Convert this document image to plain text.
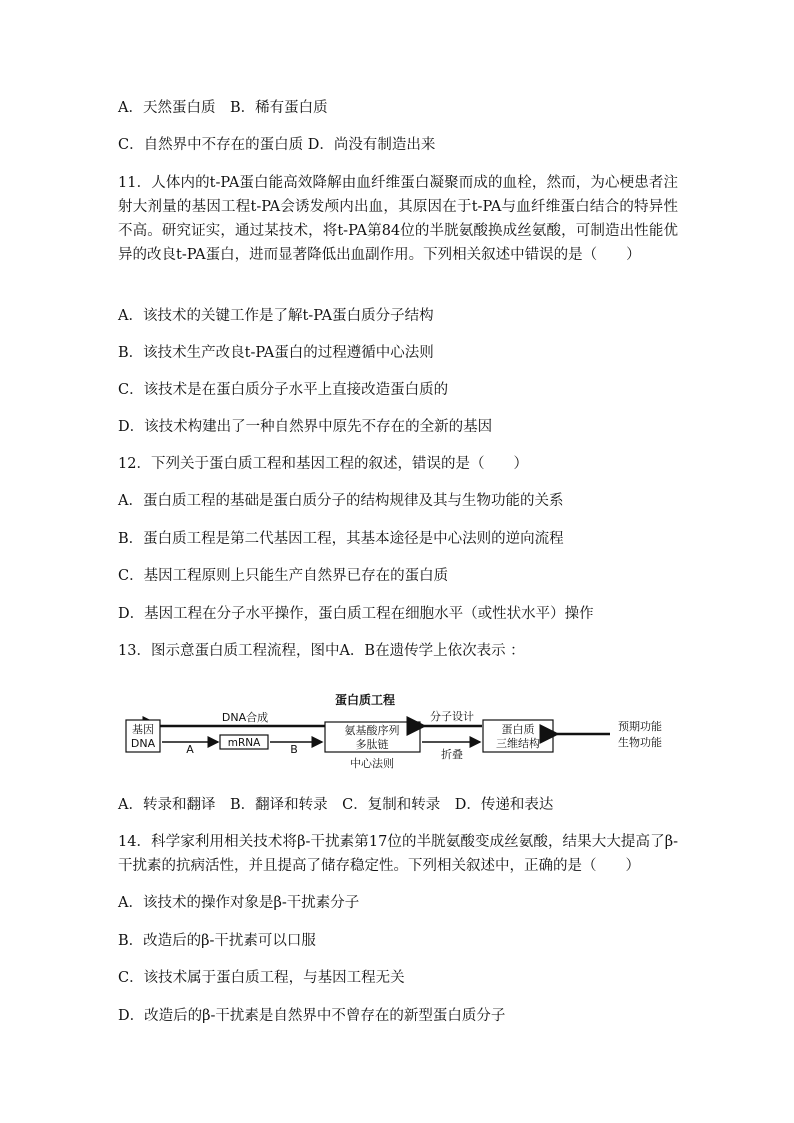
A．天然蛋白质　B．稀有蛋白质
C．自然界中不存在的蛋白质 D．尚没有制造出来
11．人体内的t-PA蛋白能高效降解由血纤维蛋白凝聚而成的血栓，然而，为心梗患者注射大剂量的基因工程t-PA会诱发颅内出血，其原因在于t-PA与血纤维蛋白结合的特异性不高。研究证实，通过某技术，将t-PA第84位的半胱氨酸换成丝氨酸，可制造出性能优异的改良t-PA蛋白，进而显著降低出血副作用。下列相关叙述中错误的是（　　）
A．该技术的关键工作是了解t-PA蛋白质分子结构
B．该技术生产改良t-PA蛋白的过程遵循中心法则
C．该技术是在蛋白质分子水平上直接改造蛋白质的
D．该技术构建出了一种自然界中原先不存在的全新的基因
12．下列关于蛋白质工程和基因工程的叙述，错误的是（　　）
A．蛋白质工程的基础是蛋白质分子的结构规律及其与生物功能的关系
B．蛋白质工程是第二代基因工程，其基本途径是中心法则的逆向流程
C．基因工程原则上只能生产自然界已存在的蛋白质
D．基因工程在分子水平操作，蛋白质工程在细胞水平（或性状水平）操作
13．图示意蛋白质工程流程，图中A．B在遗传学上依次表示 ：
蛋白质工程
DNA合成
基因
DNA	A	mRNA	B
氨基酸序列
多肽链
中心法则
分子设计
折叠
蛋白质
三维结构
预期功能
生物功能
A．转录和翻译　B．翻译和转录　C．复制和转录　D．传递和表达
14．科学家利用相关技术将β-干扰素第17位的半胱氨酸变成丝氨酸，结果大大提高了β-干扰素的抗病活性，并且提高了储存稳定性。下列相关叙述中，正确的是（　　）
A．该技术的操作对象是β-干扰素分子
B．改造后的β-干扰素可以口服
C．该技术属于蛋白质工程，与基因工程无关
D．改造后的β-干扰素是自然界中不曾存在的新型蛋白质分子
